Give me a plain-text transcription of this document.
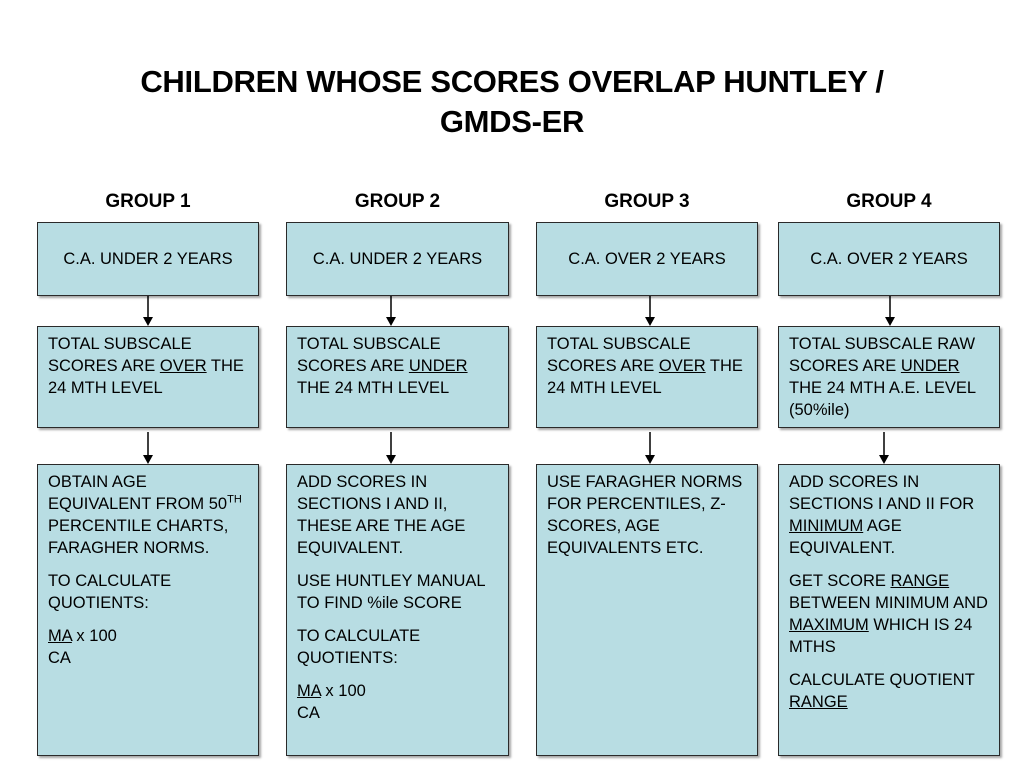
CHILDREN WHOSE SCORES OVERLAP HUNTLEY /
GMDS-ER
GROUP 1	GROUP 2	GROUP 3	GROUP 4
C.A. UNDER 2 YEARS	C.A. UNDER 2 YEARS	C.A. OVER 2 YEARS	C.A. OVER 2 YEARS
TOTAL SUBSCALE SCORES ARE OVER THE 24 MTH LEVEL
TOTAL SUBSCALE SCORES ARE UNDER THE 24 MTH LEVEL
TOTAL SUBSCALE SCORES ARE OVER THE 24 MTH LEVEL
TOTAL SUBSCALE RAW SCORES ARE UNDER THE 24 MTH A.E. LEVEL (50%ile)

OBTAIN AGE EQUIVALENT FROM 50TH PERCENTILE CHARTS, FARAGHER NORMS.

TO CALCULATE QUOTIENTS:

MA x 100
CA

ADD SCORES IN SECTIONS I AND II, THESE ARE THE AGE EQUIVALENT.

USE HUNTLEY MANUAL TO FIND %ile SCORE

TO CALCULATE QUOTIENTS:

MA x 100
CA

USE FARAGHER NORMS FOR PERCENTILES, Z-SCORES, AGE EQUIVALENTS ETC.

ADD SCORES IN SECTIONS I AND II FOR MINIMUM AGE EQUIVALENT.

GET SCORE RANGE BETWEEN MINIMUM AND MAXIMUM WHICH IS 24 MTHS

CALCULATE QUOTIENT RANGE
